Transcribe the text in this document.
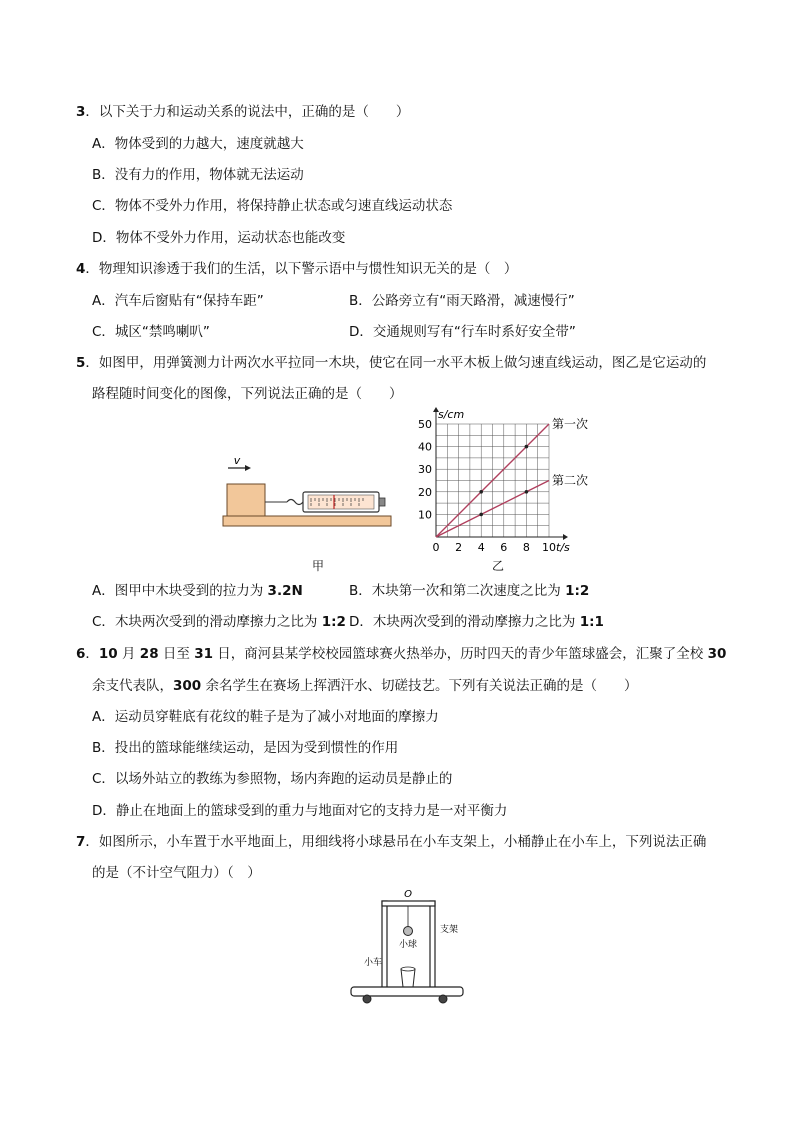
3．以下关于力和运动关系的说法中，正确的是（　　）
A．物体受到的力越大，速度就越大
B．没有力的作用，物体就无法运动
C．物体不受外力作用，将保持静止状态或匀速直线运动状态
D．物体不受外力作用，运动状态也能改变
4．物理知识渗透于我们的生活，以下警示语中与惯性知识无关的是（　）
A．汽车后窗贴有“保持车距”	B．公路旁立有“雨天路滑，减速慢行”
C．城区“禁鸣喇叭”	D．交通规则写有“行车时系好安全带”
5．如图甲，用弹簧测力计两次水平拉同一木块，使它在同一水平木板上做匀速直线运动，图乙是它运动的
路程随时间变化的图像，下列说法正确的是（　　）
v
甲
s/cm
t/s
0 2 4 6 8 10
10
20
30
40
50	第一次
第二次
乙
A．图甲中木块受到的拉力为 3.2N	B．木块第一次和第二次速度之比为 1:2
C．木块两次受到的滑动摩擦力之比为 1:2 D．木块两次受到的滑动摩擦力之比为 1:1
6．10 月 28 日至 31 日，商河县某学校校园篮球赛火热举办，历时四天的青少年篮球盛会，汇聚了全校 30
余支代表队，300 余名学生在赛场上挥洒汗水、切磋技艺。下列有关说法正确的是（　　）
A．运动员穿鞋底有花纹的鞋子是为了减小对地面的摩擦力
B．投出的篮球能继续运动，是因为受到惯性的作用
C．以场外站立的教练为参照物，场内奔跑的运动员是静止的
D．静止在地面上的篮球受到的重力与地面对它的支持力是一对平衡力
7．如图所示，小车置于水平地面上，用细线将小球悬吊在小车支架上，小桶静止在小车上，下列说法正确
的是（不计空气阻力）（　）
O
小球
支架
小车
